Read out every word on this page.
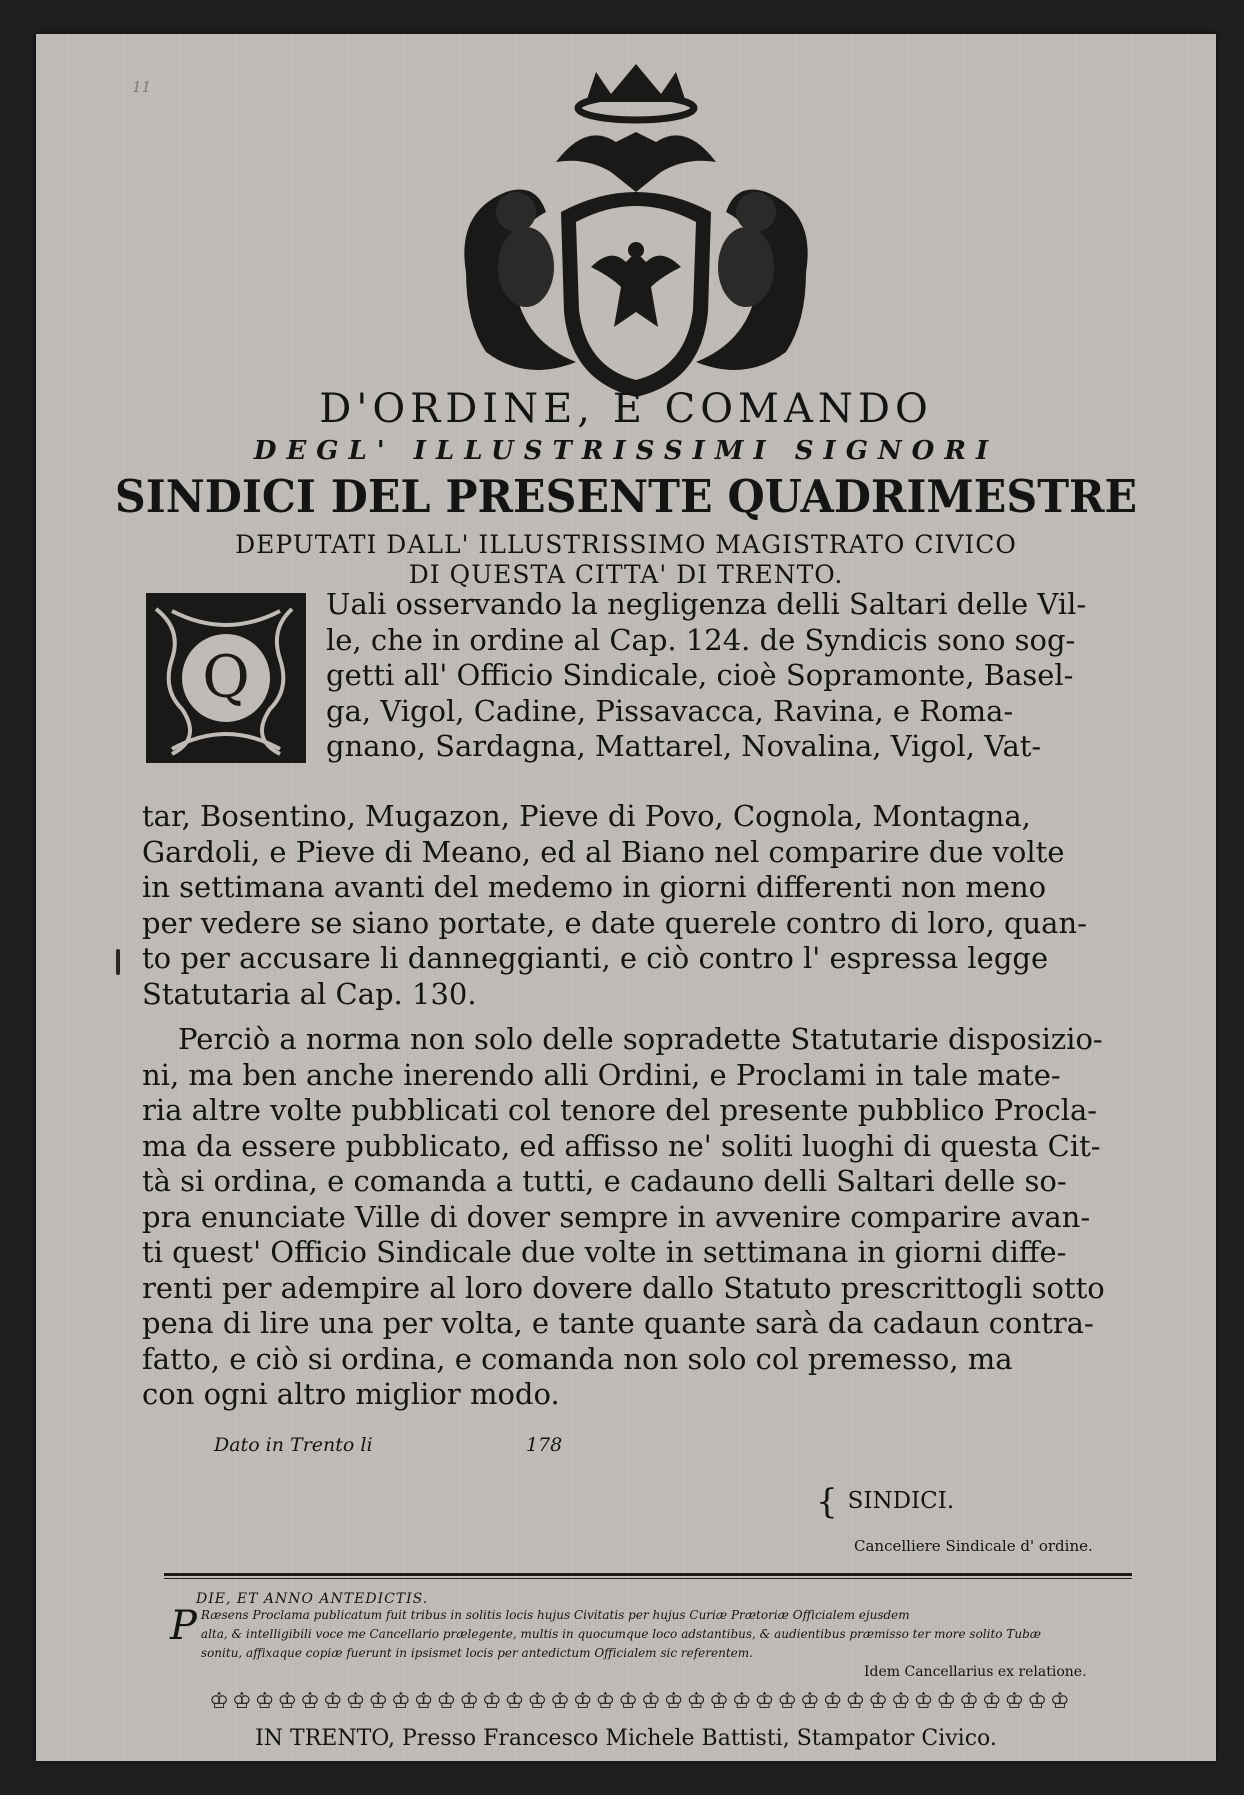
11
D'ORDINE, E COMANDO
DEGL' ILLUSTRISSIMI SIGNORI
SINDICI DEL PRESENTE QUADRIMESTRE
DEPUTATI DALL' ILLUSTRISSIMO MAGISTRATO CIVICO
DI QUESTA CITTA' DI TRENTO.
Q
Uali osservando la negligenza delli Saltari delle Vil-
le, che in ordine al Cap. 124. de Syndicis sono sog-
getti all' Officio Sindicale, cioè Sopramonte, Basel-
ga, Vigol, Cadine, Pissavacca, Ravina, e Roma-
gnano, Sardagna, Mattarel, Novalina, Vigol, Vat-
tar, Bosentino, Mugazon, Pieve di Povo, Cognola, Montagna,
Gardoli, e Pieve di Meano, ed al Biano nel comparire due volte
in settimana avanti del medemo in giorni differenti non meno
per vedere se siano portate, e date querele contro di loro, quan-
to per accusare li danneggianti, e ciò contro l' espressa legge
Statutaria al Cap. 130.
Perciò a norma non solo delle sopradette Statutarie disposizio-
ni, ma ben anche inerendo alli Ordini, e Proclami in tale mate-
ria altre volte pubblicati col tenore del presente pubblico Procla-
ma da essere pubblicato, ed affisso ne' soliti luoghi di questa Cit-
tà si ordina, e comanda a tutti, e cadauno delli Saltari delle so-
pra enunciate Ville di dover sempre in avvenire comparire avan-
ti quest' Officio Sindicale due volte in settimana in giorni diffe-
renti per adempire al loro dovere dallo Statuto prescrittogli sotto
pena di lire una per volta, e tante quante sarà da cadaun contra-
fatto, e ciò si ordina, e comanda non solo col premesso, ma
con ogni altro miglior modo.
Dato in Trento li	178
{ SINDICI.
Cancelliere Sindicale d' ordine.
DIE, ET ANNO ANTEDICTIS.
P Ræsens Proclama publicatum fuit tribus in solitis locis hujus Civitatis per hujus Curiæ Prætoriæ Officialem ejusdem
alta, & intelligibili voce me Cancellario prælegente, multis in quocumque loco adstantibus, & audientibus præmisso ter more solito Tubæ
sonitu, affixaque copiæ fuerunt in ipsismet locis per antedictum Officialem sic referentem.
Idem Cancellarius ex relatione.
♔♔♔♔♔♔♔♔♔♔♔♔♔♔♔♔♔♔♔♔♔♔♔♔♔♔♔♔♔♔♔♔♔♔♔♔♔♔
IN TRENTO, Presso Francesco Michele Battisti, Stampator Civico.
